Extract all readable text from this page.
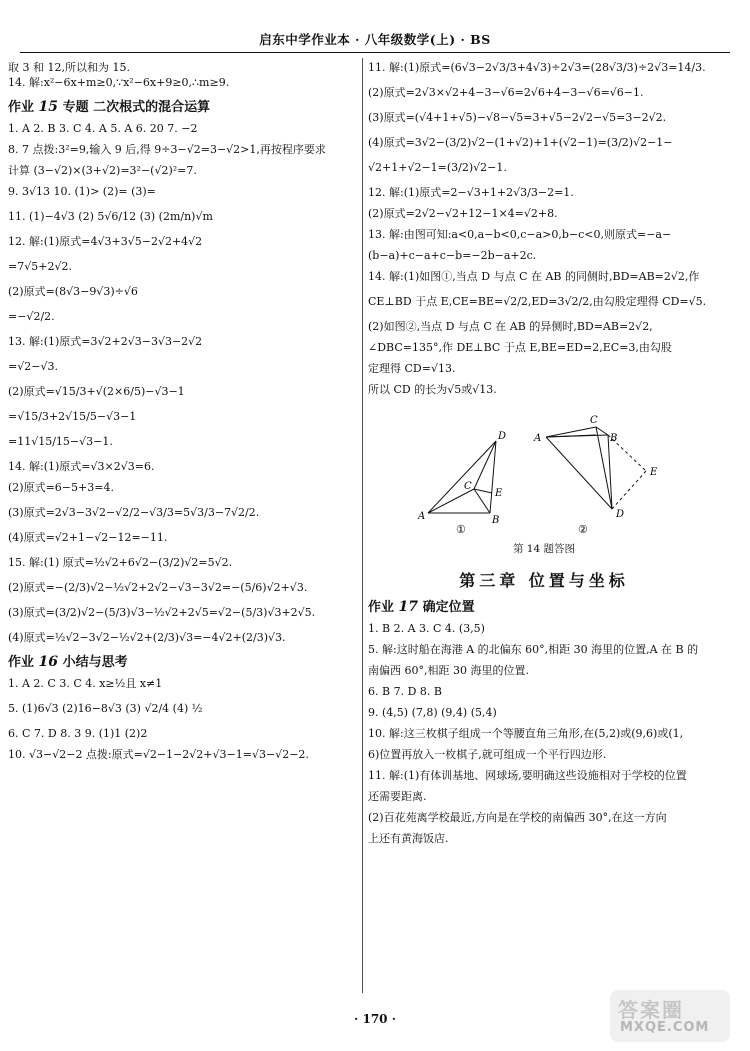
启东中学作业本 · 八年级数学(上) · BS
取 3 和 12,所以和为 15.
14. 解:x²−6x+m≥0,∵x²−6x+9≥0,∴m≥9.
作业 15 专题 二次根式的混合运算
1. A 2. B 3. C 4. A 5. A 6. 20 7. −2
8. 7 点拨:3²=9,输入 9 后,得 9÷3−√2=3−√2>1,再按程序要求
计算 (3−√2)×(3+√2)=3²−(√2)²=7.
9. 3√13 10. (1)> (2)= (3)=
11. (1)−4√3 (2) 5√6/12 (3) (2m/n)√m
12. 解:(1)原式=4√3+3√5−2√2+4√2
=7√5+2√2.
(2)原式=(8√3−9√3)÷√6
=−√2/2.
13. 解:(1)原式=3√2+2√3−3√3−2√2
=√2−√3.
(2)原式=√15/3+√(2×6/5)−√3−1
=√15/3+2√15/5−√3−1
=11√15/15−√3−1.
14. 解:(1)原式=√3×2√3=6.
(2)原式=6−5+3=4.
(3)原式=2√3−3√2−√2/2−√3/3=5√3/3−7√2/2.
(4)原式=√2+1−√2−12=−11.
15. 解:(1) 原式=½√2+6√2−(3/2)√2=5√2.
(2)原式=−(2/3)√2−½√2+2√2−√3−3√2=−(5/6)√2+√3.
(3)原式=(3/2)√2−(5/3)√3−½√2+2√5=√2−(5/3)√3+2√5.
(4)原式=½√2−3√2−½√2+(2/3)√3=−4√2+(2/3)√3.
作业 16 小结与思考
1. A 2. C 3. C 4. x≥½且 x≠1
5. (1)6√3 (2)16−8√3 (3) √2/4 (4) ½
6. C 7. D 8. 3 9. (1)1 (2)2
10. √3−√2−2 点拨:原式=√2−1−2√2+√3−1=√3−√2−2.
11. 解:(1)原式=(6√3−2√3/3+4√3)÷2√3=(28√3/3)÷2√3=14/3.
(2)原式=2√3×√2+4−3−√6=2√6+4−3−√6=√6−1.
(3)原式=(√4+1+√5)−√8−√5=3+√5−2√2−√5=3−2√2.
(4)原式=3√2−(3/2)√2−(1+√2)+1+(√2−1)=(3/2)√2−1−
√2+1+√2−1=(3/2)√2−1.
12. 解:(1)原式=2−√3+1+2√3/3−2=1.
(2)原式=2√2−√2+12−1×4=√2+8.
13. 解:由图可知:a<0,a−b<0,c−a>0,b−c<0,则原式=−a−
(b−a)+c−a+c−b=−2b−a+2c.
14. 解:(1)如图①,当点 D 与点 C 在 AB 的同侧时,BD=AB=2√2,作
CE⊥BD 于点 E,CE=BE=√2/2,ED=3√2/2,由勾股定理得 CD=√5.
(2)如图②,当点 D 与点 C 在 AB 的异侧时,BD=AB=2√2,
∠DBC=135°,作 DE⊥BC 于点 E,BE=ED=2,EC=3,由勾股
定理得 CD=√13.
所以 CD 的长为√5或√13.
A	B
C
D
E
①
A	B
C
D
E
②
第 14 题答图
第三章 位置与坐标
作业 17 确定位置
1. B 2. A 3. C 4. (3,5)
5. 解:这时船在海港 A 的北偏东 60°,相距 30 海里的位置,A 在 B 的
南偏西 60°,相距 30 海里的位置.
6. B 7. D 8. B
9. (4,5) (7,8) (9,4) (5,4)
10. 解:这三枚棋子组成一个等腰直角三角形,在(5,2)或(9,6)或(1,
6)位置再放入一枚棋子,就可组成一个平行四边形.
11. 解:(1)有体训基地、网球场,要明确这些设施相对于学校的位置
还需要距离.
(2)百花苑离学校最近,方向是在学校的南偏西 30°,在这一方向
上还有黄海饭店.
· 170 ·	答案圈
MXQE.COM
